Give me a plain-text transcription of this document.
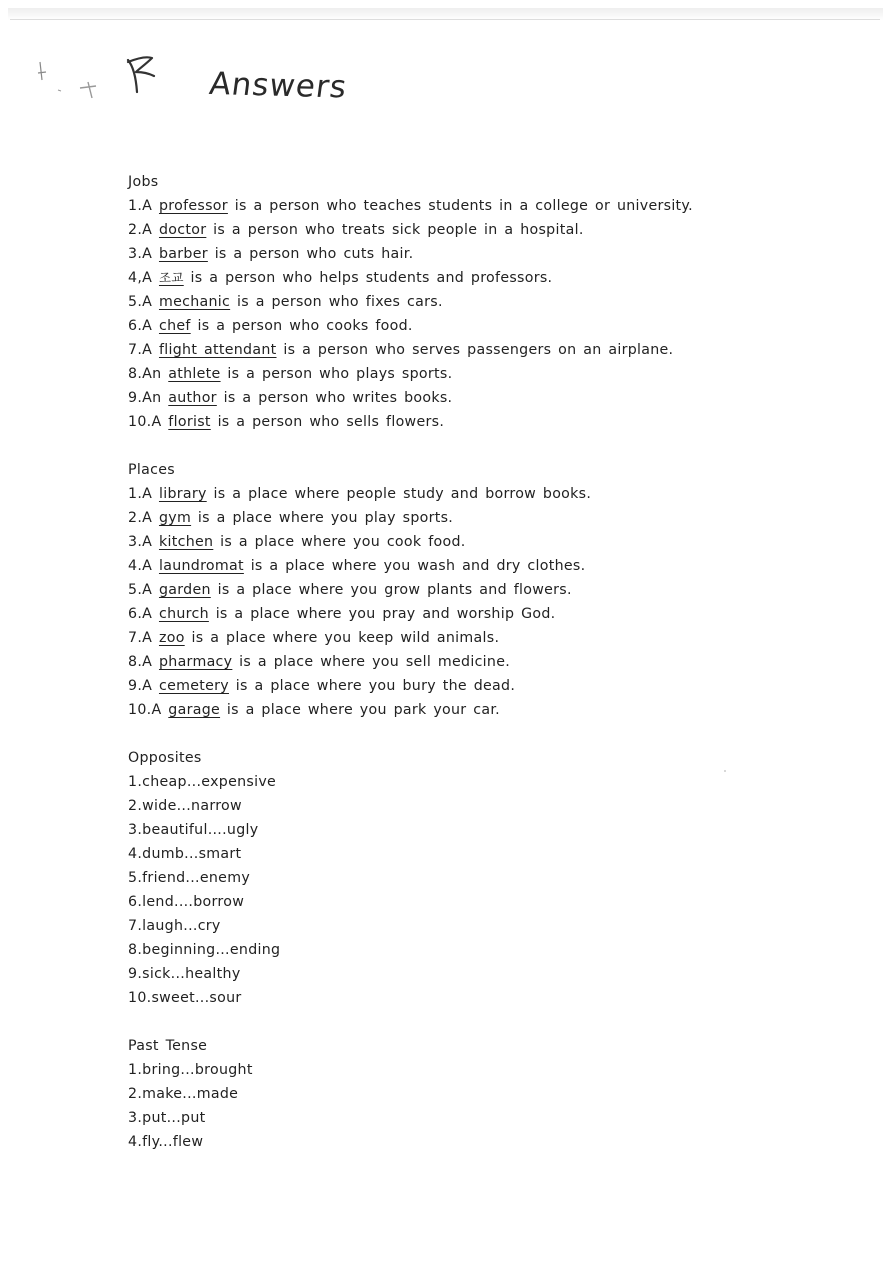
Answers
Jobs
1.A professor is a person who teaches students in a college or university.
2.A doctor is a person who treats sick people in a hospital.
3.A barber is a person who cuts hair.
4,A 조교 is a person who helps students and professors.
5.A mechanic is a person who fixes cars.
6.A chef is a person who cooks food.
7.A flight attendant is a person who serves passengers on an airplane.
8.An athlete is a person who plays sports.
9.An author is a person who writes books.
10.A florist is a person who sells flowers.
Places
1.A library is a place where people study and borrow books.
2.A gym is a place where you play sports.
3.A kitchen is a place where you cook food.
4.A laundromat is a place where you wash and dry clothes.
5.A garden is a place where you grow plants and flowers.
6.A church is a place where you pray and worship God.
7.A zoo is a place where you keep wild animals.
8.A pharmacy is a place where you sell medicine.
9.A cemetery is a place where you bury the dead.
10.A garage is a place where you park your car.
Opposites
1.cheap...expensive
2.wide...narrow
3.beautiful....ugly
4.dumb...smart
5.friend...enemy
6.lend....borrow
7.laugh...cry
8.beginning...ending
9.sick...healthy
10.sweet...sour
Past Tense
1.bring...brought
2.make...made
3.put...put
4.fly...flew
